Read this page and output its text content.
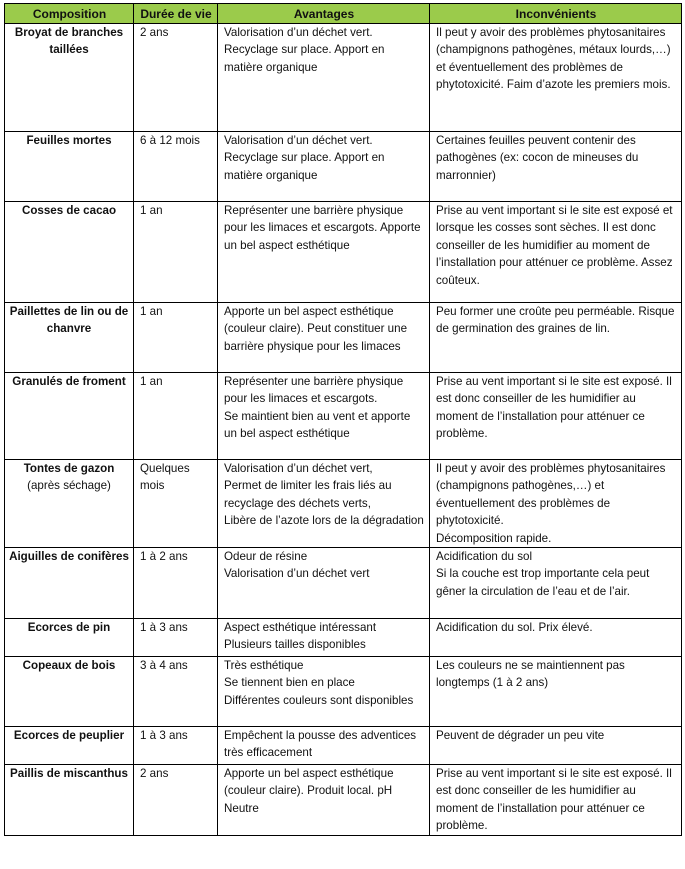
Composition	Durée de vie	Avantages	Inconvénients
Broyat de branches taillées	2 ans	Valorisation d’un déchet vert. Recyclage sur place. Apport en matière organique	Il peut y avoir des problèmes phytosanitaires (champignons pathogènes, métaux lourds,…) et éventuellement des problèmes de phytotoxicité. Faim d’azote les premiers mois.

Feuilles mortes	6 à 12 mois	Valorisation d’un déchet vert. Recyclage sur place. Apport en matière organique	Certaines feuilles peuvent contenir des pathogènes (ex: cocon de mineuses du marronnier)

Cosses de cacao	1 an	Représenter une barrière physique pour les limaces et escargots. Apporte un bel aspect esthétique	Prise au vent important si le site est exposé et lorsque les cosses sont sèches. Il est donc conseiller de les humidifier au moment de l’installation pour atténuer ce problème. Assez coûteux.

Paillettes de lin ou de chanvre	1 an	Apporte un bel aspect esthétique (couleur claire). Peut constituer une barrière physique pour les limaces	Peu former une croûte peu perméable. Risque de germination des graines de lin.

Granulés de froment	1 an	Représenter une barrière physique pour les limaces et escargots.
Se maintient bien au vent et apporte un bel aspect esthétique	Prise au vent important si le site est exposé. Il est donc conseiller de les humidifier au moment de l’installation pour atténuer ce problème.

Tontes de gazon (après séchage)	Quelques mois	Valorisation d’un déchet vert,
Permet de limiter les frais liés au recyclage des déchets verts,
Libère de l’azote lors de la dégradation	Il peut y avoir des problèmes phytosanitaires (champignons pathogènes,…) et éventuellement des problèmes de phytotoxicité.
Décomposition rapide.

Aiguilles de conifères	1 à 2 ans	Odeur de résine
Valorisation d’un déchet vert	Acidification du sol
Si la couche est trop importante cela peut gêner la circulation de l’eau et de l’air.

Ecorces de pin	1 à 3 ans	Aspect esthétique intéressant
Plusieurs tailles disponibles	Acidification du sol. Prix élevé.

Copeaux de bois	3 à 4 ans	Très esthétique
Se tiennent bien en place
Différentes couleurs sont disponibles	Les couleurs ne se maintiennent pas longtemps (1 à 2 ans)

Ecorces de peuplier	1 à 3 ans	Empêchent la pousse des adventices très efficacement	Peuvent de dégrader un peu vite

Paillis de miscanthus	2 ans	Apporte un bel aspect esthétique (couleur claire). Produit local. pH Neutre	Prise au vent important si le site est exposé. Il est donc conseiller de les humidifier au moment de l’installation pour atténuer ce problème.
